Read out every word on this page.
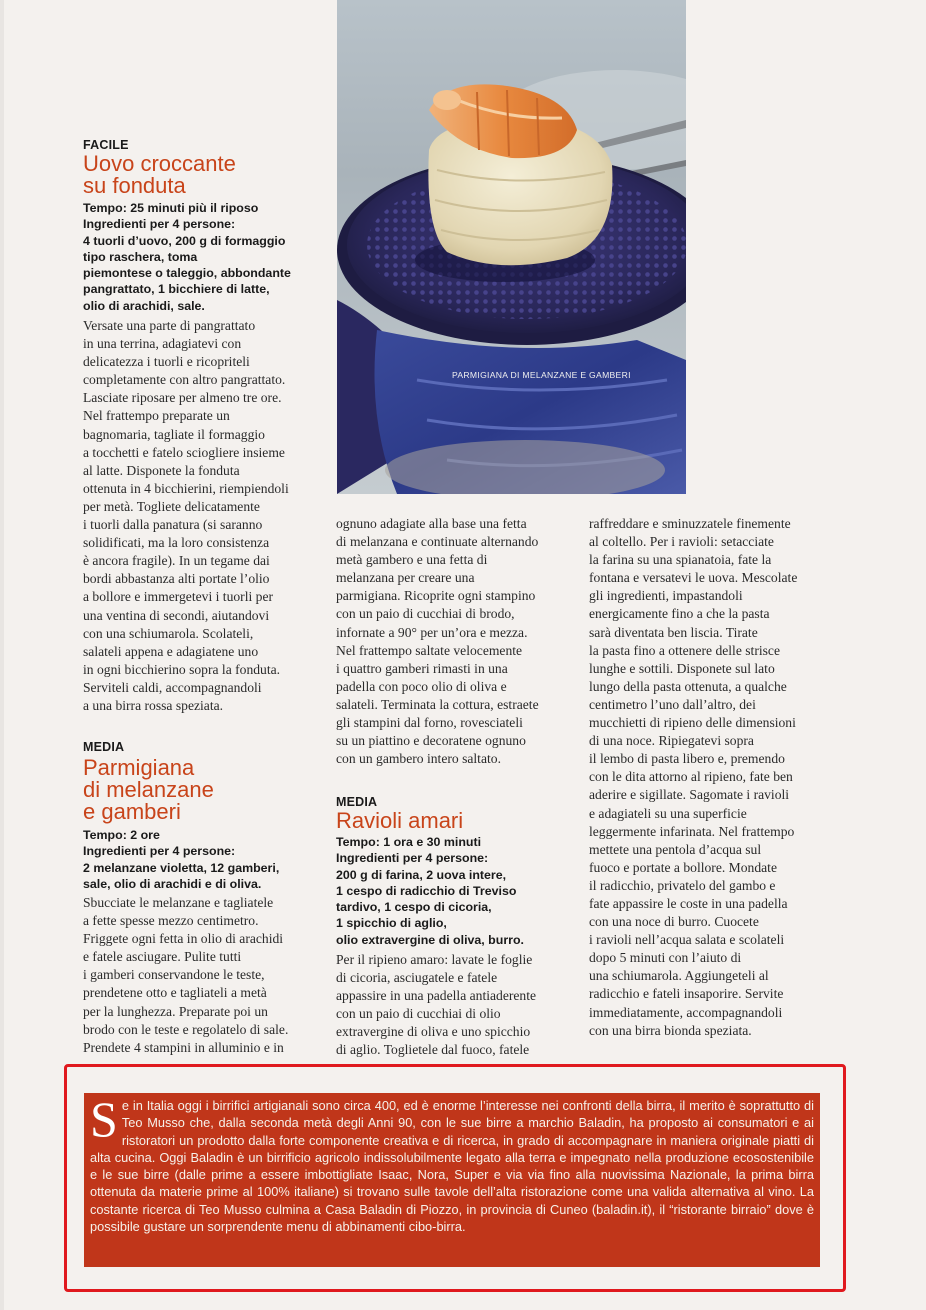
FACILE
Uovo croccante
su fonduta
Tempo: 25 minuti più il riposo
Ingredienti per 4 persone:
4 tuorli d’uovo, 200 g di formaggio
tipo raschera, toma
piemontese o taleggio, abbondante
pangrattato, 1 bicchiere di latte,
olio di arachidi, sale.
Versate una parte di pangrattato
in una terrina, adagiatevi con
delicatezza i tuorli e ricopriteli
completamente con altro pangrattato.
Lasciate riposare per almeno tre ore.
Nel frattempo preparate un
bagnomaria, tagliate il formaggio
a tocchetti e fatelo sciogliere insieme
al latte. Disponete la fonduta
ottenuta in 4 bicchierini, riempiendoli
per metà. Togliete delicatamente
i tuorli dalla panatura (si saranno
solidificati, ma la loro consistenza
è ancora fragile). In un tegame dai
bordi abbastanza alti portate l’olio
a bollore e immergetevi i tuorli per
una ventina di secondi, aiutandovi
con una schiumarola. Scolateli,
salateli appena e adagiatene uno
in ogni bicchierino sopra la fonduta.
Serviteli caldi, accompagnandoli
a una birra rossa speziata.
MEDIA
Parmigiana
di melanzane
e gamberi
Tempo: 2 ore
Ingredienti per 4 persone:
2 melanzane violetta, 12 gamberi,
sale, olio di arachidi e di oliva.
Sbucciate le melanzane e tagliatele
a fette spesse mezzo centimetro.
Friggete ogni fetta in olio di arachidi
e fatele asciugare. Pulite tutti
i gamberi conservandone le teste,
prendetene otto e tagliateli a metà
per la lunghezza. Preparate poi un
brodo con le teste e regolatelo di sale.
Prendete 4 stampini in alluminio e in
ognuno adagiate alla base una fetta
di melanzana e continuate alternando
metà gambero e una fetta di
melanzana per creare una
parmigiana. Ricoprite ogni stampino
con un paio di cucchiai di brodo,
infornate a 90° per un’ora e mezza.
Nel frattempo saltate velocemente
i quattro gamberi rimasti in una
padella con poco olio di oliva e
salateli. Terminata la cottura, estraete
gli stampini dal forno, rovesciateli
su un piattino e decoratene ognuno
con un gambero intero saltato.
MEDIA
Ravioli amari
Tempo: 1 ora e 30 minuti
Ingredienti per 4 persone:
200 g di farina, 2 uova intere,
1 cespo di radicchio di Treviso
tardivo, 1 cespo di cicoria,
1 spicchio di aglio,
olio extravergine di oliva, burro.
Per il ripieno amaro: lavate le foglie
di cicoria, asciugatele e fatele
appassire in una padella antiaderente
con un paio di cucchiai di olio
extravergine di oliva e uno spicchio
di aglio. Toglietele dal fuoco, fatele
raffreddare e sminuzzatele finemente
al coltello. Per i ravioli: setacciate
la farina su una spianatoia, fate la
fontana e versatevi le uova. Mescolate
gli ingredienti, impastandoli
energicamente fino a che la pasta
sarà diventata ben liscia. Tirate
la pasta fino a ottenere delle strisce
lunghe e sottili. Disponete sul lato
lungo della pasta ottenuta, a qualche
centimetro l’uno dall’altro, dei
mucchietti di ripieno delle dimensioni
di una noce. Ripiegatevi sopra
il lembo di pasta libero e, premendo
con le dita attorno al ripieno, fate ben
aderire e sigillate. Sagomate i ravioli
e adagiateli su una superficie
leggermente infarinata. Nel frattempo
mettete una pentola d’acqua sul
fuoco e portate a bollore. Mondate
il radicchio, privatelo del gambo e
fate appassire le coste in una padella
con una noce di burro. Cuocete
i ravioli nell’acqua salata e scolateli
dopo 5 minuti con l’aiuto di
una schiumarola. Aggiungeteli al
radicchio e fateli insaporire. Servite
immediatamente, accompagnandoli
con una birra bionda speziata.
PARMIGIANA DI MELANZANE E GAMBERI
Se in Italia oggi i birrifici artigianali sono circa 400, ed è enorme l’interesse nei confronti della birra, il merito è soprattutto di Teo Musso che, dalla seconda metà degli Anni 90, con le sue birre a marchio Baladin, ha proposto ai consumatori e ai ristoratori un prodotto dalla forte componente creativa e di ricerca, in grado di accompagnare in maniera originale piatti di alta cucina. Oggi Baladin è un birrificio agricolo indissolubilmente legato alla terra e impegnato nella produzione ecosostenibile e le sue birre (dalle prime a essere imbottigliate Isaac, Nora, Super e via via fino alla nuovissima Nazionale, la prima birra ottenuta da materie prime al 100% italiane) si trovano sulle tavole dell’alta ristorazione come una valida alternativa al vino. La costante ricerca di Teo Musso culmina a Casa Baladin di Piozzo, in provincia di Cuneo (baladin.it), il “ristorante birraio” dove è possibile gustare un sorprendente menu di abbinamenti cibo-birra.
